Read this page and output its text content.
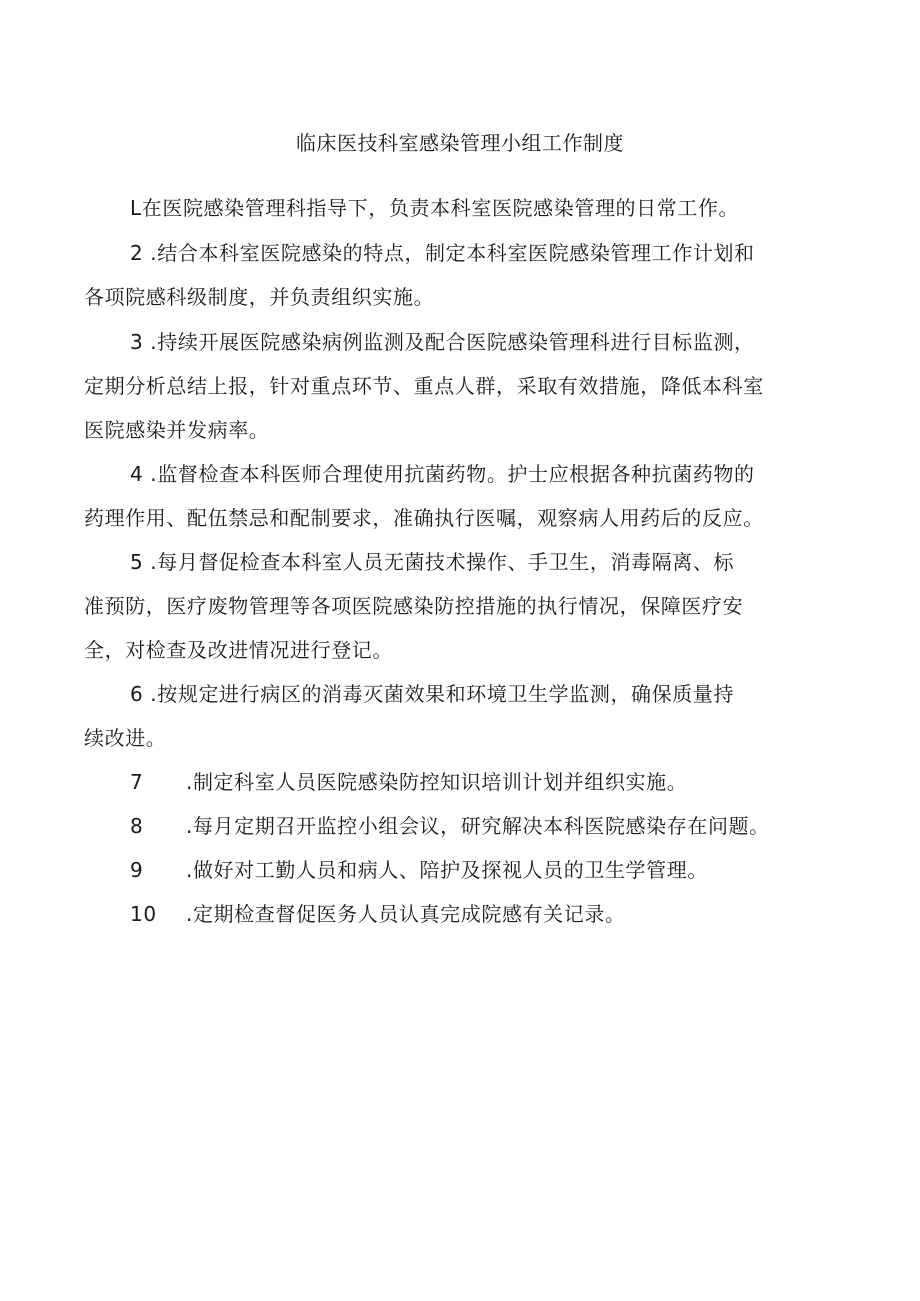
临床医技科室感染管理小组工作制度
L在医院感染管理科指导下，负责本科室医院感染管理的日常工作。
2 .结合本科室医院感染的特点，制定本科室医院感染管理工作计划和
各项院感科级制度，并负责组织实施。
3 .持续开展医院感染病例监测及配合医院感染管理科进行目标监测，
定期分析总结上报，针对重点环节、重点人群，采取有效措施，降低本科室
医院感染并发病率。
4 .监督检查本科医师合理使用抗菌药物。护士应根据各种抗菌药物的
药理作用、配伍禁忌和配制要求，准确执行医嘱，观察病人用药后的反应。
5 .每月督促检查本科室人员无菌技术操作、手卫生，消毒隔离、标
准预防，医疗废物管理等各项医院感染防控措施的执行情况，保障医疗安
全，对检查及改进情况进行登记。
6 .按规定进行病区的消毒灭菌效果和环境卫生学监测，确保质量持
续改进。
7 .制定科室人员医院感染防控知识培训计划并组织实施。
8 .每月定期召开监控小组会议，研究解决本科医院感染存在问题。
9 .做好对工勤人员和病人、陪护及探视人员的卫生学管理。
10 .定期检查督促医务人员认真完成院感有关记录。
